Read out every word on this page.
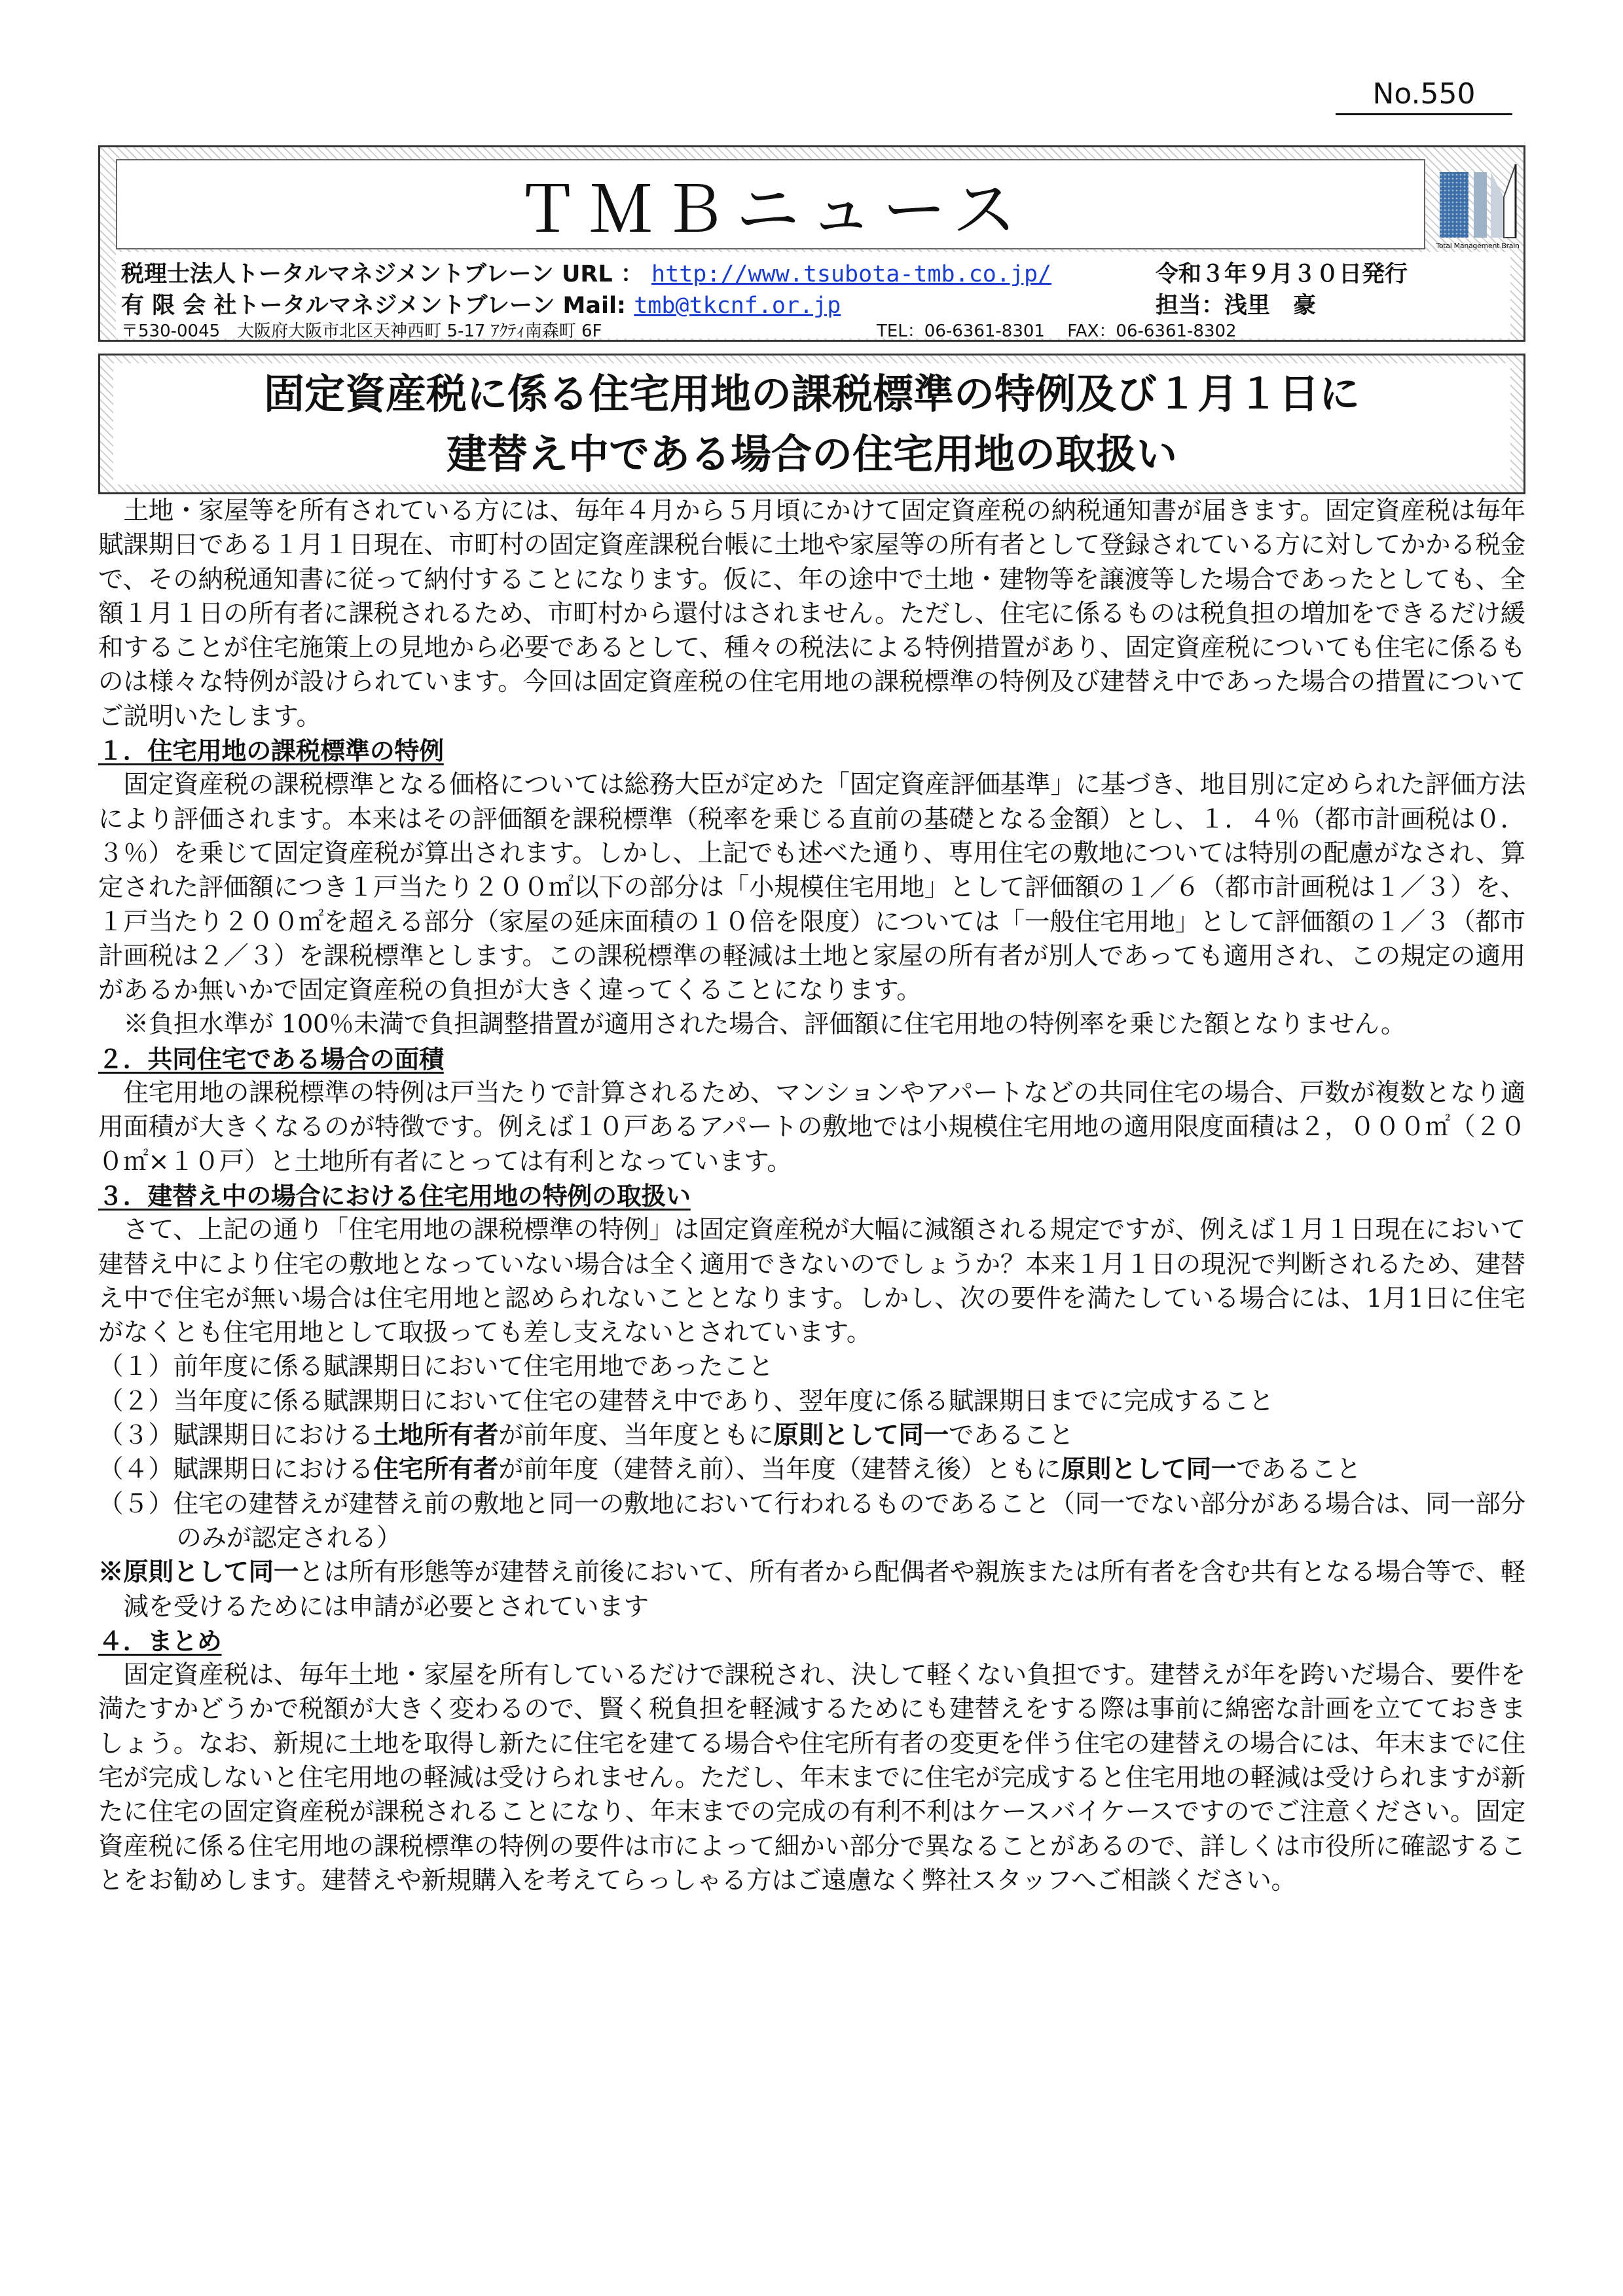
No.550
ＴＭＢニュース	Total Management Brain
税理士法人トータルマネジメントブレーン URL ： http://www.tsubota-tmb.co.jp/	令和３年９月３０日発行
有 限 会 社トータルマネジメントブレーン Mail: tmb@tkcnf.or.jp	担当：浅里　豪
〒530-0045　大阪府大阪市北区天神西町 5-17 ｱｸﾃｨ南森町 6F	TEL：06-6361-8301　 FAX：06-6361-8302
固定資産税に係る住宅用地の課税標準の特例及び１月１日に
建替え中である場合の住宅用地の取扱い

土地・家屋等を所有されている方には、毎年４月から５月頃にかけて固定資産税の納税通知書が届きます。固定資産税は毎年賦課期日である１月１日現在、市町村の固定資産課税台帳に土地や家屋等の所有者として登録されている方に対してかかる税金で、その納税通知書に従って納付することになります。仮に、年の途中で土地・建物等を譲渡等した場合であったとしても、全額１月１日の所有者に課税されるため、市町村から還付はされません。ただし、住宅に係るものは税負担の増加をできるだけ緩和することが住宅施策上の見地から必要であるとして、種々の税法による特例措置があり、固定資産税についても住宅に係るものは様々な特例が設けられています。今回は固定資産税の住宅用地の課税標準の特例及び建替え中であった場合の措置についてご説明いたします。

１．住宅用地の課税標準の特例

固定資産税の課税標準となる価格については総務大臣が定めた「固定資産評価基準」に基づき、地目別に定められた評価方法により評価されます。本来はその評価額を課税標準（税率を乗じる直前の基礎となる金額）とし、１．４％（都市計画税は０．３％）を乗じて固定資産税が算出されます。しかし、上記でも述べた通り、専用住宅の敷地については特別の配慮がなされ、算定された評価額につき１戸当たり２００㎡以下の部分は「小規模住宅用地」として評価額の１／６（都市計画税は１／３）を、１戸当たり２００㎡を超える部分（家屋の延床面積の１０倍を限度）については「一般住宅用地」として評価額の１／３（都市計画税は２／３）を課税標準とします。この課税標準の軽減は土地と家屋の所有者が別人であっても適用され、この規定の適用があるか無いかで固定資産税の負担が大きく違ってくることになります。

※負担水準が 100％未満で負担調整措置が適用された場合、評価額に住宅用地の特例率を乗じた額となりません。

２．共同住宅である場合の面積

住宅用地の課税標準の特例は戸当たりで計算されるため、マンションやアパートなどの共同住宅の場合、戸数が複数となり適用面積が大きくなるのが特徴です。例えば１０戸あるアパートの敷地では小規模住宅用地の適用限度面積は２，０００㎡（２００㎡×１０戸）と土地所有者にとっては有利となっています。

３．建替え中の場合における住宅用地の特例の取扱い

さて、上記の通り「住宅用地の課税標準の特例」は固定資産税が大幅に減額される規定ですが、例えば１月１日現在において建替え中により住宅の敷地となっていない場合は全く適用できないのでしょうか？本来１月１日の現況で判断されるため、建替え中で住宅が無い場合は住宅用地と認められないこととなります。しかし、次の要件を満たしている場合には、1月1日に住宅がなくとも住宅用地として取扱っても差し支えないとされています。

（１）前年度に係る賦課期日において住宅用地であったこと

（２）当年度に係る賦課期日において住宅の建替え中であり、翌年度に係る賦課期日までに完成すること

（３）賦課期日における土地所有者が前年度、当年度ともに原則として同一であること

（４）賦課期日における住宅所有者が前年度（建替え前）、当年度（建替え後）ともに原則として同一であること

（５）住宅の建替えが建替え前の敷地と同一の敷地において行われるものであること（同一でない部分がある場合は、同一部分のみが認定される）

※原則として同一とは所有形態等が建替え前後において、所有者から配偶者や親族または所有者を含む共有となる場合等で、軽減を受けるためには申請が必要とされています

４．まとめ

固定資産税は、毎年土地・家屋を所有しているだけで課税され、決して軽くない負担です。建替えが年を跨いだ場合、要件を満たすかどうかで税額が大きく変わるので、賢く税負担を軽減するためにも建替えをする際は事前に綿密な計画を立てておきましょう。なお、新規に土地を取得し新たに住宅を建てる場合や住宅所有者の変更を伴う住宅の建替えの場合には、年末までに住宅が完成しないと住宅用地の軽減は受けられません。ただし、年末までに住宅が完成すると住宅用地の軽減は受けられますが新たに住宅の固定資産税が課税されることになり、年末までの完成の有利不利はケースバイケースですのでご注意ください。固定資産税に係る住宅用地の課税標準の特例の要件は市によって細かい部分で異なることがあるので、詳しくは市役所に確認することをお勧めします。建替えや新規購入を考えてらっしゃる方はご遠慮なく弊社スタッフへご相談ください。
